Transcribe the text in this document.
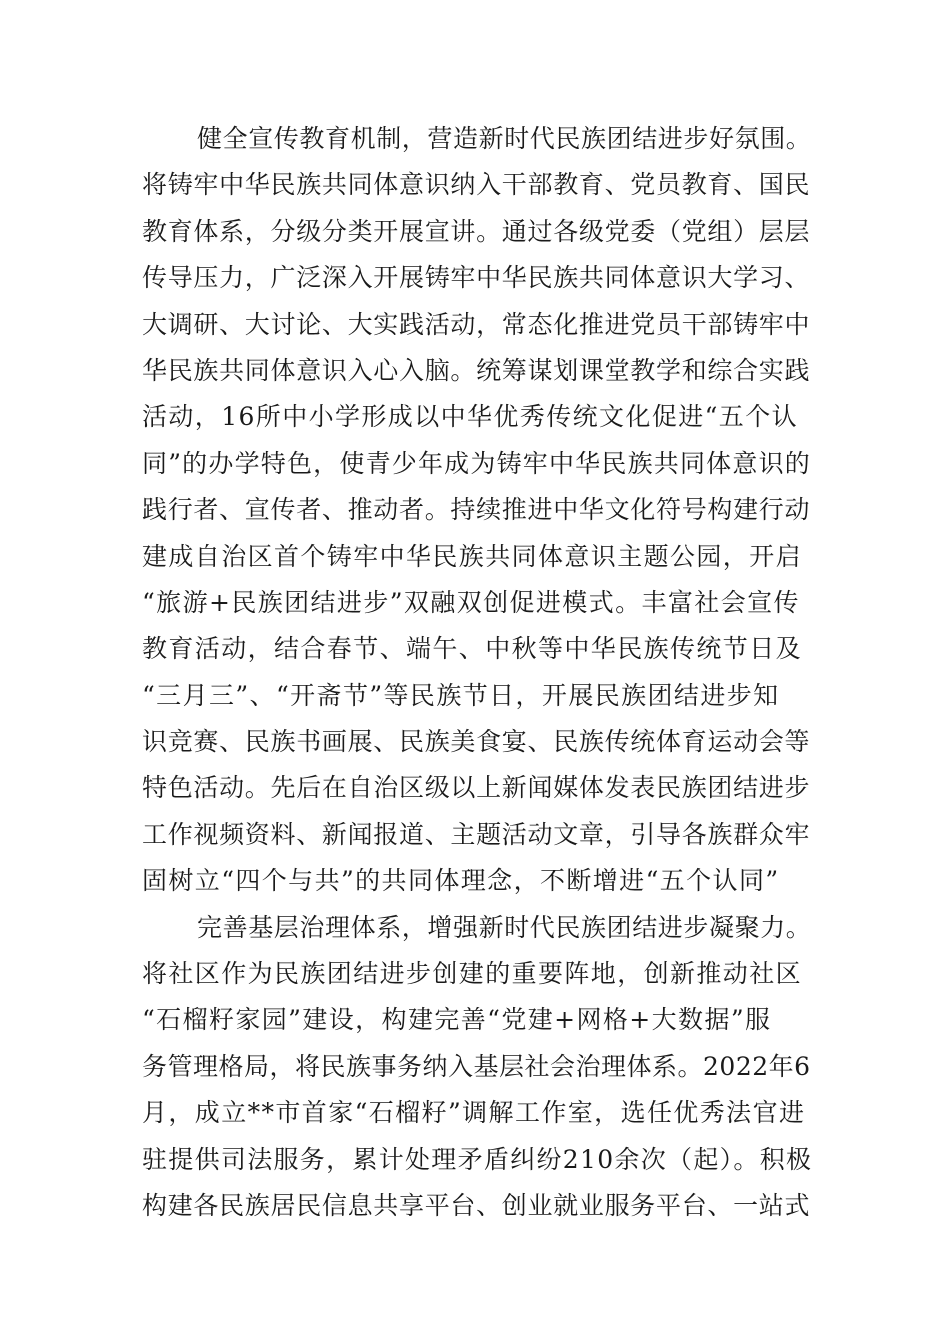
健全宣传教育机制，营造新时代民族团结进步好氛围。
将铸牢中华民族共同体意识纳入干部教育、党员教育、国民
教育体系，分级分类开展宣讲。通过各级党委（党组）层层
传导压力，广泛深入开展铸牢中华民族共同体意识大学习、
大调研、大讨论、大实践活动，常态化推进党员干部铸牢中
华民族共同体意识入心入脑。统筹谋划课堂教学和综合实践
活动，16所中小学形成以中华优秀传统文化促进“五个认
同”的办学特色，使青少年成为铸牢中华民族共同体意识的
践行者、宣传者、推动者。持续推进中华文化符号构建行动
建成自治区首个铸牢中华民族共同体意识主题公园，开启
“旅游+民族团结进步”双融双创促进模式。丰富社会宣传
教育活动，结合春节、端午、中秋等中华民族传统节日及
“三月三”、“开斋节”等民族节日，开展民族团结进步知
识竞赛、民族书画展、民族美食宴、民族传统体育运动会等
特色活动。先后在自治区级以上新闻媒体发表民族团结进步
工作视频资料、新闻报道、主题活动文章，引导各族群众牢
固树立“四个与共”的共同体理念，不断增进“五个认同”
完善基层治理体系，增强新时代民族团结进步凝聚力。
将社区作为民族团结进步创建的重要阵地，创新推动社区
“石榴籽家园”建设，构建完善“党建+网格+大数据”服
务管理格局，将民族事务纳入基层社会治理体系。2022年6
月，成立**市首家“石榴籽”调解工作室，选任优秀法官进
驻提供司法服务，累计处理矛盾纠纷210余次（起）。积极
构建各民族居民信息共享平台、创业就业服务平台、一站式
